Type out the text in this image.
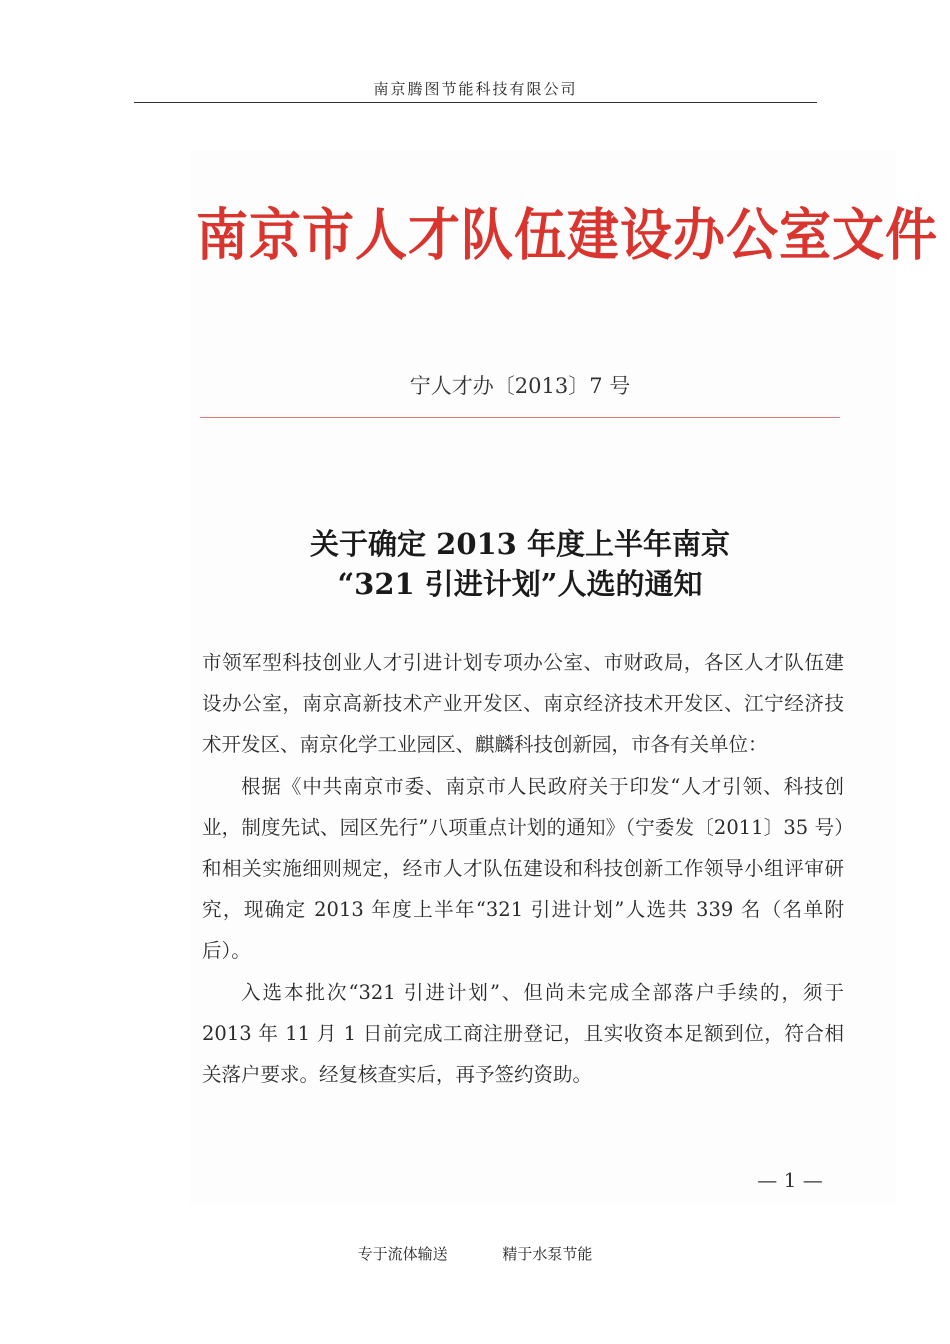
南京腾图节能科技有限公司
南京市人才队伍建设办公室文件
宁人才办〔2013〕7 号
关于确定 2013 年度上半年南京
“321 引进计划”人选的通知

市领军型科技创业人才引进计划专项办公室、市财政局，各区人才队伍建设办公室，南京高新技术产业开发区、南京经济技术开发区、江宁经济技术开发区、南京化学工业园区、麒麟科技创新园，市各有关单位：

根据《中共南京市委、南京市人民政府关于印发“人才引领、科技创业，制度先试、园区先行”八项重点计划的通知》（宁委发〔2011〕35 号）和相关实施细则规定，经市人才队伍建设和科技创新工作领导小组评审研究，现确定 2013 年度上半年“321 引进计划”人选共 339 名（名单附后）。

入选本批次“321 引进计划”、但尚未完成全部落户手续的，须于 2013 年 11 月 1 日前完成工商注册登记，且实收资本足额到位，符合相关落户要求。经复核查实后，再予签约资助。

— 1 —
专于流体输送	精于水泵节能
